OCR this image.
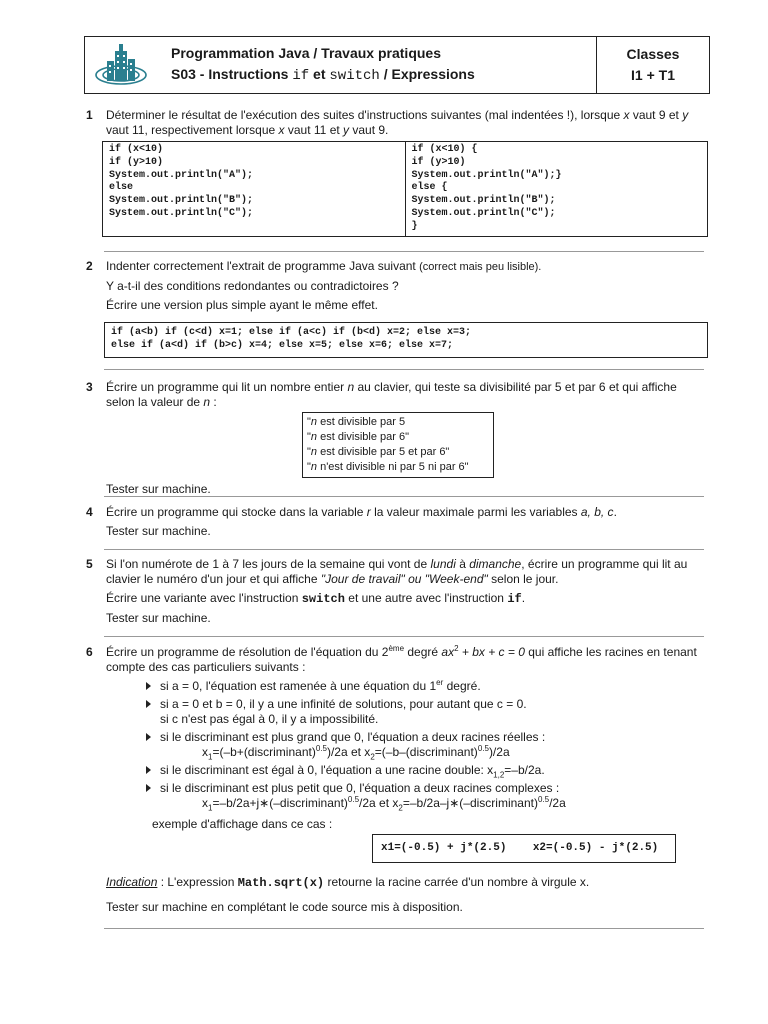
Programmation Java / Travaux pratiques
S03 - Instructions if et switch / Expressions
Classes
I1 + T1
1 Déterminer le résultat de l'exécution des suites d'instructions suivantes (mal indentées !), lorsque x vaut 9 et y vaut 11, respectivement lorsque x vaut 11 et y vaut 9.

if (x<10)
if (y>10)
System.out.println("A");
else
System.out.println("B");
System.out.println("C");
if (x<10) {
if (y>10)
System.out.println("A");}
else {
System.out.println("B");
System.out.println("C");
}
2 Indenter correctement l'extrait de programme Java suivant (correct mais peu lisible).

Y a-t-il des conditions redondantes ou contradictoires ?

Écrire une version plus simple ayant le même effet.

if (a<b) if (c<d) x=1; else if (a<c) if (b<d) x=2; else x=3;
else if (a<d) if (b>c) x=4; else x=5; else x=6; else x=7;
3 Écrire un programme qui lit un nombre entier n au clavier, qui teste sa divisibilité par 5 et par 6 et qui affiche selon la valeur de n :

"n est divisible par 5
"n est divisible par 6"
"n est divisible par 5 et par 6"
"n n'est divisible ni par 5 ni par 6"

Tester sur machine.

4 Écrire un programme qui stocke dans la variable r la valeur maximale parmi les variables a, b, c.

Tester sur machine.

5 Si l'on numérote de 1 à 7 les jours de la semaine qui vont de lundi à dimanche, écrire un programme qui lit au clavier le numéro d'un jour et qui affiche "Jour de travail" ou "Week-end" selon le jour.

Écrire une variante avec l'instruction switch et une autre avec l'instruction if.

Tester sur machine.

6 Écrire un programme de résolution de l'équation du 2ème degré $ax^2$ + bx + c = 0 qui affiche les racines en tenant compte des cas particuliers suivants :

si a = 0, l'équation est ramenée à une équation du 1er degré.
si a = 0 et b = 0, il y a une infinité de solutions, pour autant que c = 0.
si c n'est pas égal à 0, il y a impossibilité.
si le discriminant est plus grand que 0, l'équation a deux racines réelles :
$x_1=(-b+(discriminant)^{0.5})/2a$ et $x_2=(-b-(discriminant)^{0.5})/2a$
si le discriminant est égal à 0, l'équation a une racine double: $x_{1,2}=-b/2a$.
si le discriminant est plus petit que 0, l'équation a deux racines complexes :
$x_1=-b/2a+j∗(-discriminant)^{0.5}/2a$ et $x_2=-b/2a-j∗(-discriminant)^{0.5}/2a$

exemple d'affichage dans ce cas :

x1=(-0.5) + j*(2.5)    x2=(-0.5) - j*(2.5)

Indication : L'expression Math.sqrt(x) retourne la racine carrée d'un nombre à virgule x.

Tester sur machine en complétant le code source mis à disposition.
